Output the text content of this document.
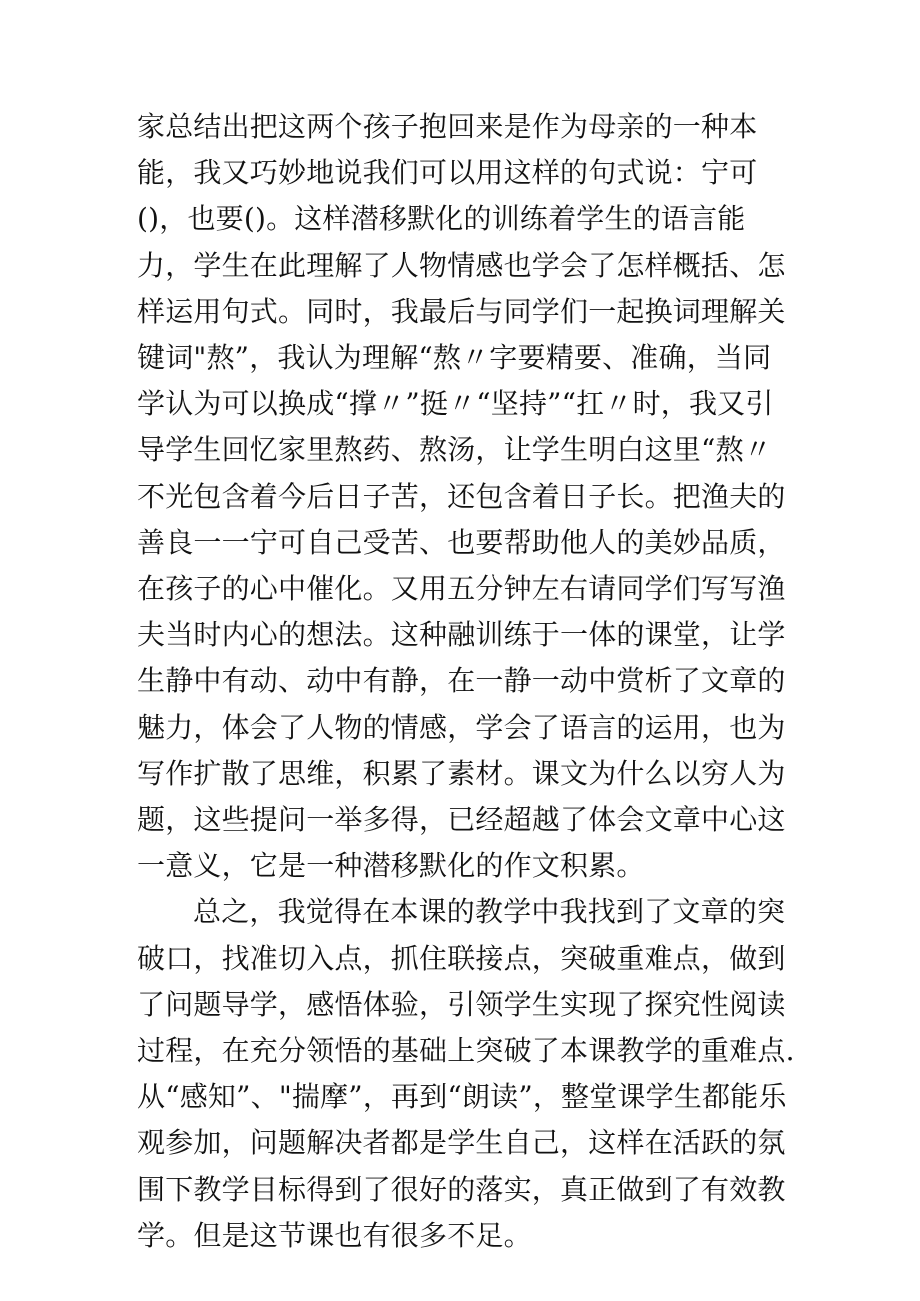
家总结出把这两个孩子抱回来是作为母亲的一种本能，我又巧妙地说我们可以用这样的句式说：宁可()，也要()。这样潜移默化的训练着学生的语言能力，学生在此理解了人物情感也学会了怎样概括、怎样运用句式。同时，我最后与同学们一起换词理解关键词"熬”，我认为理解“熬〃字要精要、准确，当同学认为可以换成“撑〃”挺〃“坚持”“扛〃时，我又引导学生回忆家里熬药、熬汤，让学生明白这里“熬〃不光包含着今后日子苦，还包含着日子长。把渔夫的善良一一宁可自己受苦、也要帮助他人的美妙品质，在孩子的心中催化。又用五分钟左右请同学们写写渔夫当时内心的想法。这种融训练于一体的课堂，让学生静中有动、动中有静，在一静一动中赏析了文章的魅力，体会了人物的情感，学会了语言的运用，也为写作扩散了思维，积累了素材。课文为什么以穷人为题，这些提问一举多得，已经超越了体会文章中心这一意义，它是一种潜移默化的作文积累。

总之，我觉得在本课的教学中我找到了文章的突破口，找准切入点，抓住联接点，突破重难点，做到了问题导学，感悟体验，引领学生实现了探究性阅读过程，在充分领悟的基础上突破了本课教学的重难点.从“感知”、"揣摩”，再到“朗读”，整堂课学生都能乐观参加，问题解决者都是学生自己，这样在活跃的氛围下教学目标得到了很好的落实，真正做到了有效教学。但是这节课也有很多不足。
